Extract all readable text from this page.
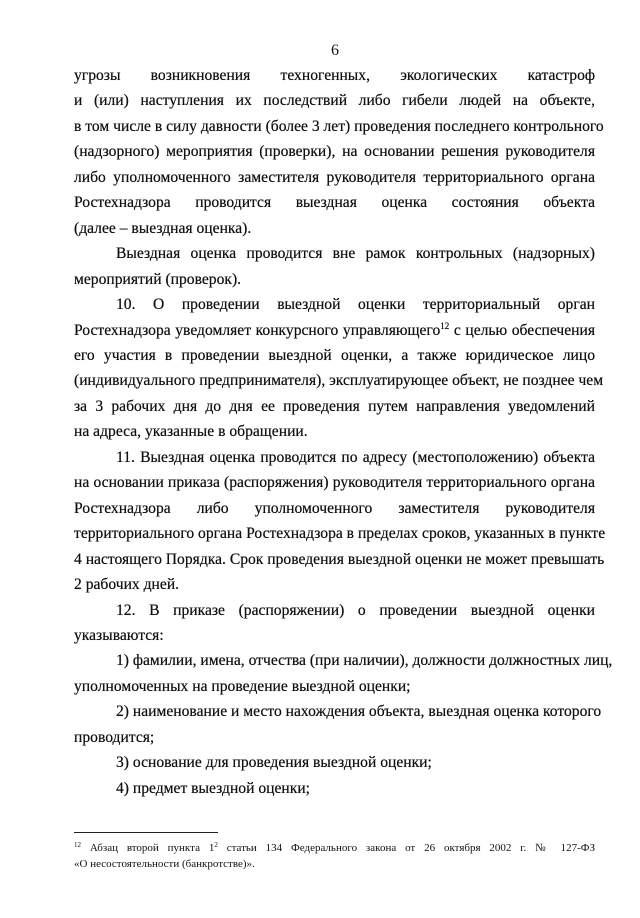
6
угрозы возникновения техногенных, экологических катастроф
и (или) наступления их последствий либо гибели людей на объекте,
в том числе в силу давности (более 3 лет) проведения последнего контрольного
(надзорного) мероприятия (проверки), на основании решения руководителя
либо уполномоченного заместителя руководителя территориального органа
Ростехнадзора проводится выездная оценка состояния объекта
(далее – выездная оценка).
Выездная оценка проводится вне рамок контрольных (надзорных)
мероприятий (проверок).
10. О проведении выездной оценки территориальный орган
Ростехнадзора уведомляет конкурсного управляющего$^{12}$ с целью обеспечения
его участия в проведении выездной оценки, а также юридическое лицо
(индивидуального предпринимателя), эксплуатирующее объект, не позднее чем
за 3 рабочих дня до дня ее проведения путем направления уведомлений
на адреса, указанные в обращении.
11. Выездная оценка проводится по адресу (местоположению) объекта
на основании приказа (распоряжения) руководителя территориального органа
Ростехнадзора либо уполномоченного заместителя руководителя
территориального органа Ростехнадзора в пределах сроков, указанных в пункте
4 настоящего Порядка. Срок проведения выездной оценки не может превышать
2 рабочих дней.
12. В приказе (распоряжении) о проведении выездной оценки
указываются:
1) фамилии, имена, отчества (при наличии), должности должностных лиц,
уполномоченных на проведение выездной оценки;
2) наименование и место нахождения объекта, выездная оценка которого
проводится;
3) основание для проведения выездной оценки;
4) предмет выездной оценки;
$^{12}$ Абзац второй пункта $1^2$ статьи 134 Федерального закона от 26 октября 2002 г. № 127-ФЗ
«О несостоятельности (банкротстве)».
